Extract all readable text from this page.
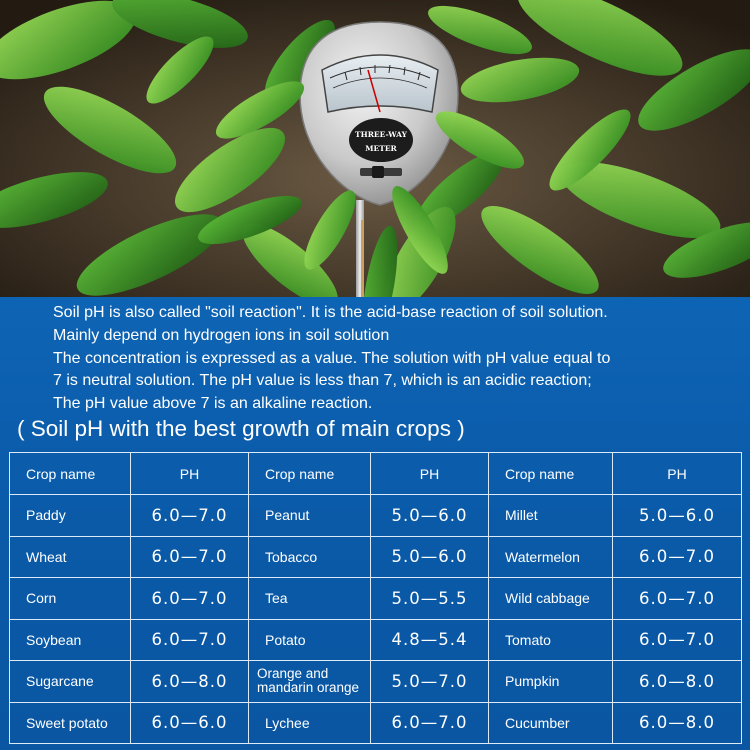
THREE-WAY
METER

Soil pH is also called "soil reaction". It is the acid-base reaction of soil solution.

Mainly depend on hydrogen ions in soil solution

The concentration is expressed as a value. The solution with pH value equal to

7 is neutral solution. The pH value is less than 7, which is an acidic reaction;

The pH value above 7 is an alkaline reaction.

( Soil pH with the best growth of main crops )
Crop name	PH	Crop name	PH	Crop name	PH
Paddy	6.0—7.0	Peanut	5.0—6.0	Millet	5.0—6.0
Wheat	6.0—7.0	Tobacco	5.0—6.0	Watermelon	6.0—7.0
Corn	6.0—7.0	Tea	5.0—5.5	Wild cabbage	6.0—7.0
Soybean	6.0—7.0	Potato	4.8—5.4	Tomato	6.0—7.0
Sugarcane	6.0—8.0	Orange and mandarin orange	5.0—7.0	Pumpkin	6.0—8.0
Sweet potato	6.0—6.0	Lychee	6.0—7.0	Cucumber	6.0—8.0
